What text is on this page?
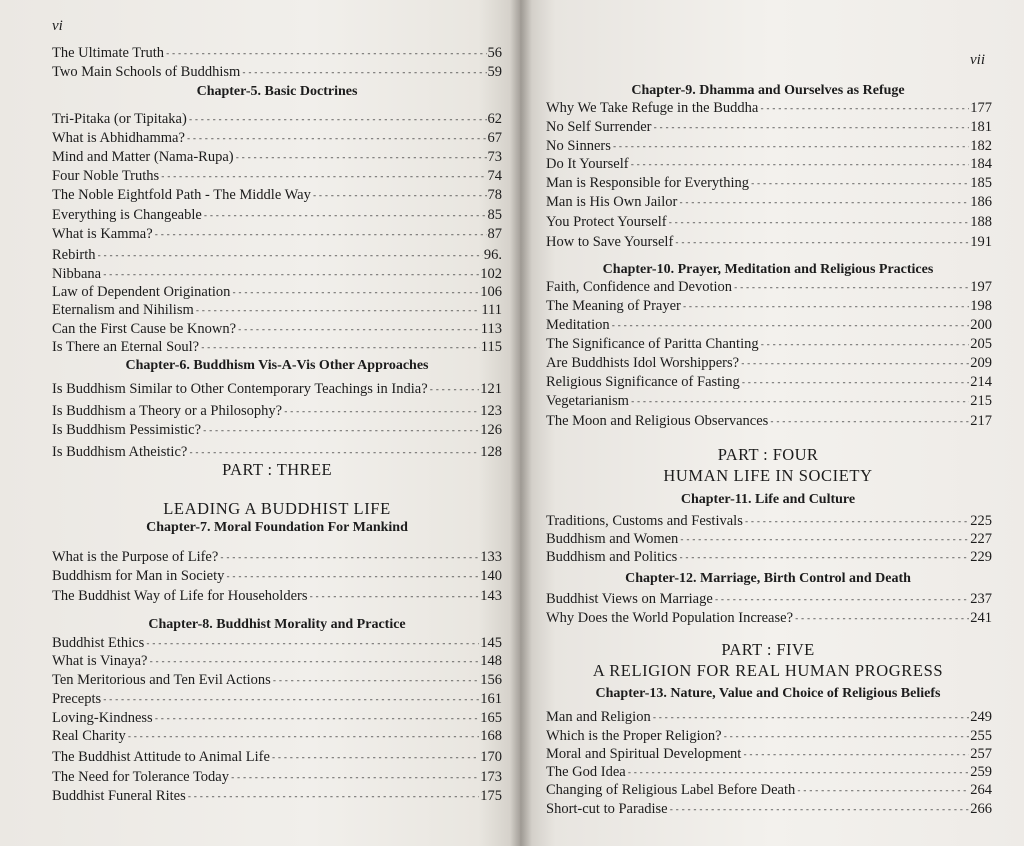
vi
The Ultimate Truth -----	56
Two Main Schools of Buddhism -----	59
Chapter-5. Basic Doctrines
Tri-Pitaka (or Tipitaka) -----	62
What is Abhidhamma? -----	67
Mind and Matter (Nama-Rupa) -----	73
Four Noble Truths -----	74
The Noble Eightfold Path - The Middle Way -----	78
Everything is Changeable -----	85
What is Kamma? -----	87
Rebirth -----	96.
Nibbana -----	102
Law of Dependent Origination -----	106
Eternalism and Nihilism -----	111
Can the First Cause be Known? -----	113
Is There an Eternal Soul? -----	115
Chapter-6. Buddhism Vis-A-Vis Other Approaches
Is Buddhism Similar to Other Contemporary Teachings in India? -----	121
Is Buddhism a Theory or a Philosophy? -----	123
Is Buddhism Pessimistic? -----	126
Is Buddhism Atheistic? -----	128
PART : THREE
LEADING A BUDDHIST LIFE
Chapter-7. Moral Foundation For Mankind
What is the Purpose of Life? -----	133
Buddhism for Man in Society -----	140
The Buddhist Way of Life for Householders -----	143
Chapter-8. Buddhist Morality and Practice
Buddhist Ethics -----	145
What is Vinaya? -----	148
Ten Meritorious and Ten Evil Actions -----	156
Precepts -----	161
Loving-Kindness -----	165
Real Charity -----	168
The Buddhist Attitude to Animal Life -----	170
The Need for Tolerance Today -----	173
Buddhist Funeral Rites -----	175
vii
Chapter-9. Dhamma and Ourselves as Refuge
Why We Take Refuge in the Buddha -----	177
No Self Surrender -----	181
No Sinners -----	182
Do It Yourself -----	184
Man is Responsible for Everything -----	185
Man is His Own Jailor -----	186
You Protect Yourself -----	188
How to Save Yourself -----	191
Chapter-10. Prayer, Meditation and Religious Practices
Faith, Confidence and Devotion -----	197
The Meaning of Prayer -----	198
Meditation -----	200
The Significance of Paritta Chanting -----	205
Are Buddhists Idol Worshippers? -----	209
Religious Significance of Fasting -----	214
Vegetarianism -----	215
The Moon and Religious Observances -----	217
PART : FOUR
HUMAN LIFE IN SOCIETY
Chapter-11. Life and Culture
Traditions, Customs and Festivals -----	225
Buddhism and Women -----	227
Buddhism and Politics -----	229
Chapter-12. Marriage, Birth Control and Death
Buddhist Views on Marriage -----	237
Why Does the World Population Increase? -----	241
PART : FIVE
A RELIGION FOR REAL HUMAN PROGRESS
Chapter-13. Nature, Value and Choice of Religious Beliefs
Man and Religion -----	249
Which is the Proper Religion? -----	255
Moral and Spiritual Development -----	257
The God Idea -----	259
Changing of Religious Label Before Death -----	264
Short-cut to Paradise -----	266
